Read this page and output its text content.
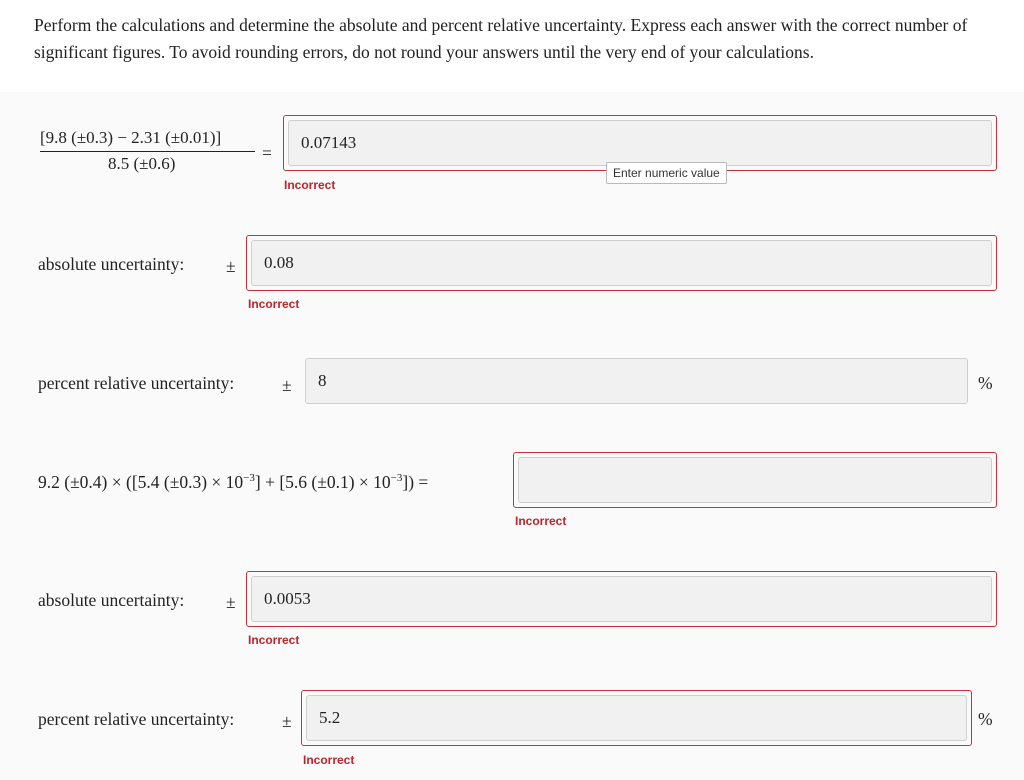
Perform the calculations and determine the absolute and percent relative uncertainty. Express each answer with the correct number of significant figures. To avoid rounding errors, do not round your answers until the very end of your calculations.
[9.8 (±0.3) − 2.31 (±0.01)]
8.5 (±0.6)
=
0.07143
Incorrect
Enter numeric value
absolute uncertainty: ±	0.08
Incorrect
percent relative uncertainty:	±	8	%
9.2 (±0.4) × ([5.4 $(\pm 0.3) \times 10^{-3}] + [5.6$ $(\pm 0.1) \times 10^{-3}$]) =
Incorrect
absolute uncertainty: ±	0.0053
Incorrect
percent relative uncertainty:	±	5.2	%
Incorrect
